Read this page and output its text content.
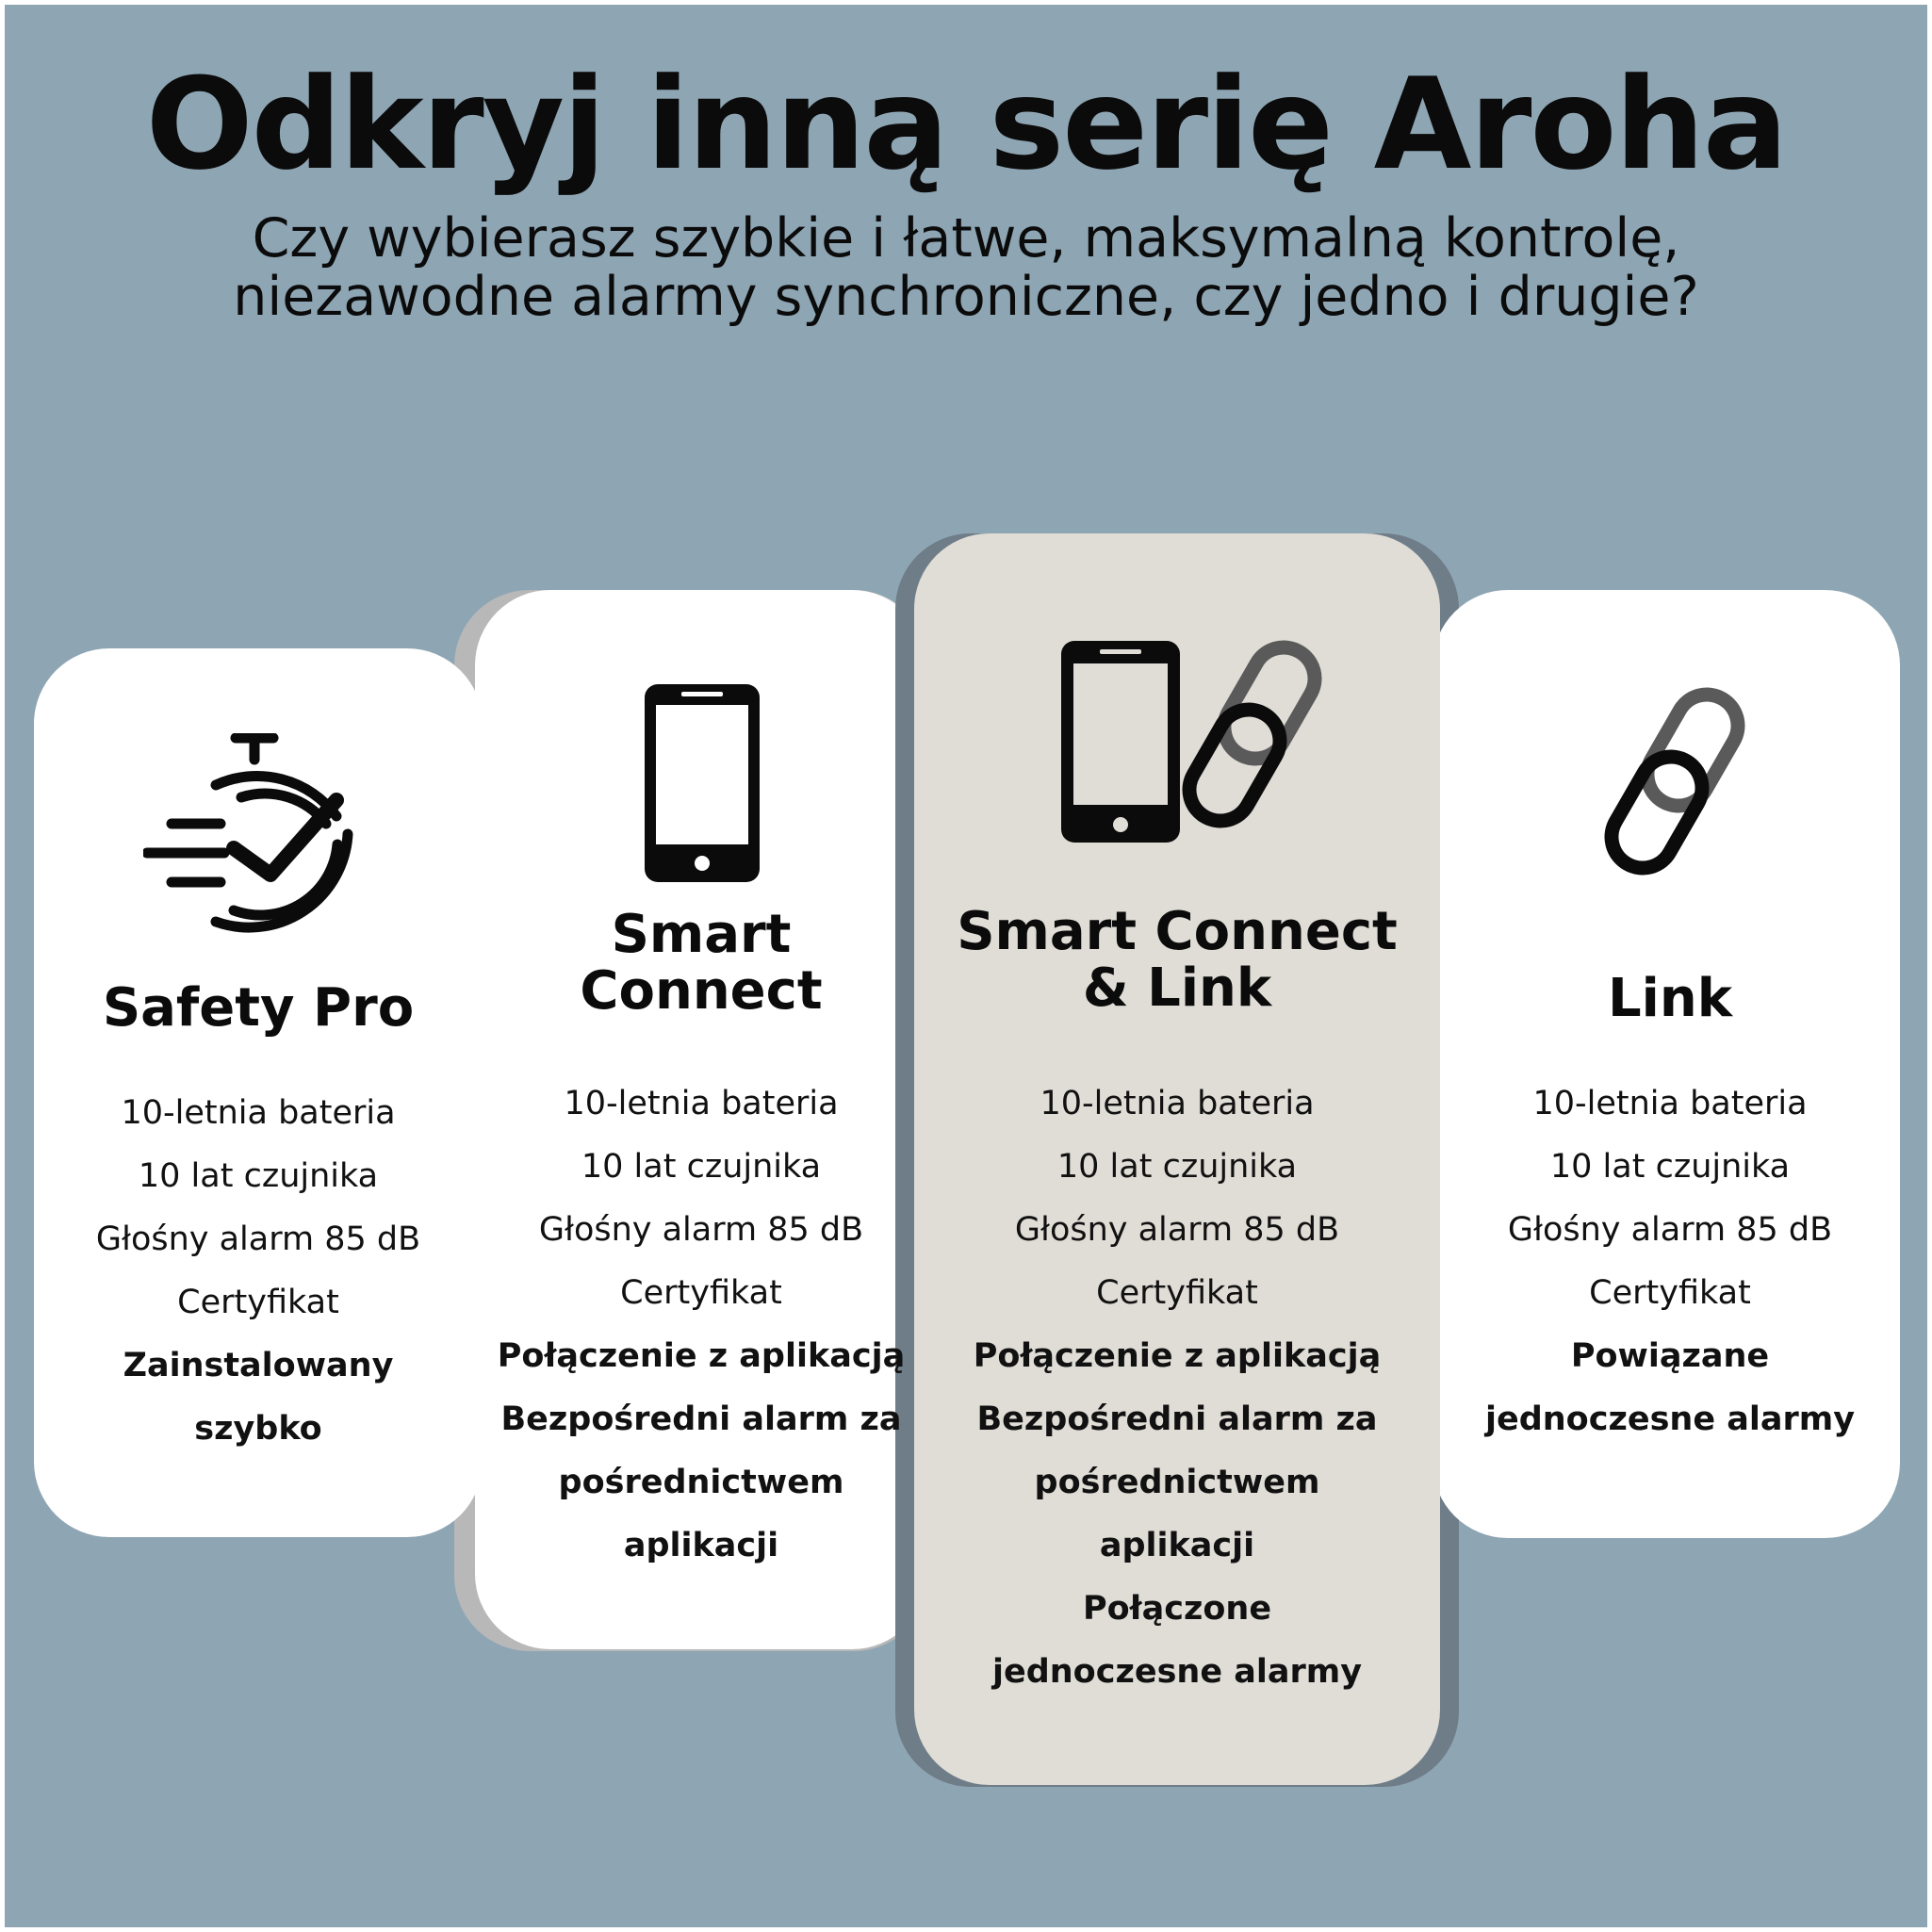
Odkryj inną serię Aroha
Czy wybierasz szybkie i łatwe, maksymalną kontrolę,
niezawodne alarmy synchroniczne, czy jedno i drugie?
Safety Pro
10-letnia bateria
10 lat czujnika
Głośny alarm 85 dB
Certyfikat
Zainstalowany
szybko
Smart
Connect
10-letnia bateria
10 lat czujnika
Głośny alarm 85 dB
Certyfikat
Połączenie z aplikacją
Bezpośredni alarm za
pośrednictwem
aplikacji
Smart Connect
& Link
10-letnia bateria
10 lat czujnika
Głośny alarm 85 dB
Certyfikat
Połączenie z aplikacją
Bezpośredni alarm za
pośrednictwem
aplikacji
Połączone
jednoczesne alarmy
Link
10-letnia bateria
10 lat czujnika
Głośny alarm 85 dB
Certyfikat
Powiązane
jednoczesne alarmy
